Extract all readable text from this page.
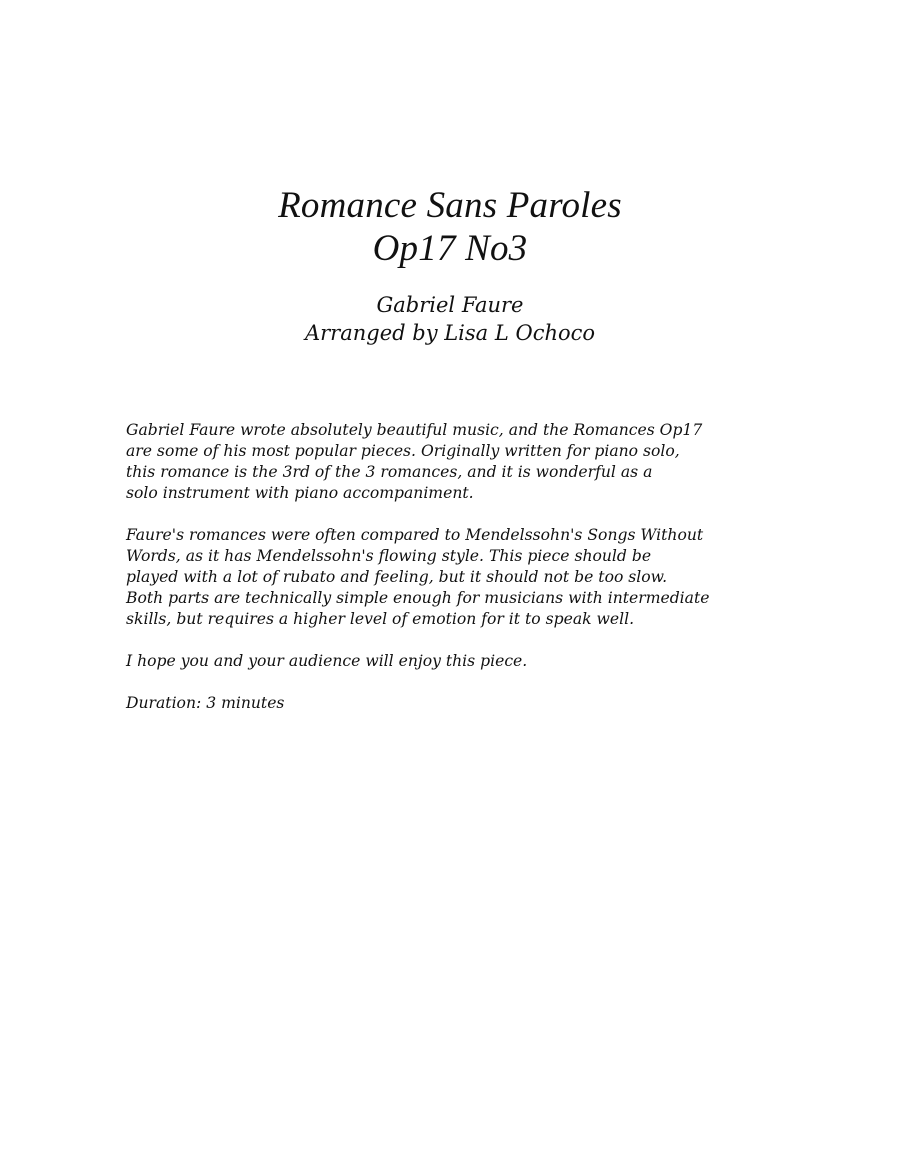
Romance Sans Paroles
Op17 No3
Gabriel Faure
Arranged by Lisa L Ochoco

Gabriel Faure wrote absolutely beautiful music, and the Romances Op17
are some of his most popular pieces. Originally written for piano solo,
this romance is the 3rd of the 3 romances, and it is wonderful as a
solo instrument with piano accompaniment.

Faure's romances were often compared to Mendelssohn's Songs Without
Words, as it has Mendelssohn's flowing style. This piece should be
played with a lot of rubato and feeling, but it should not be too slow.
Both parts are technically simple enough for musicians with intermediate
skills, but requires a higher level of emotion for it to speak well.

I hope you and your audience will enjoy this piece.

Duration: 3 minutes
